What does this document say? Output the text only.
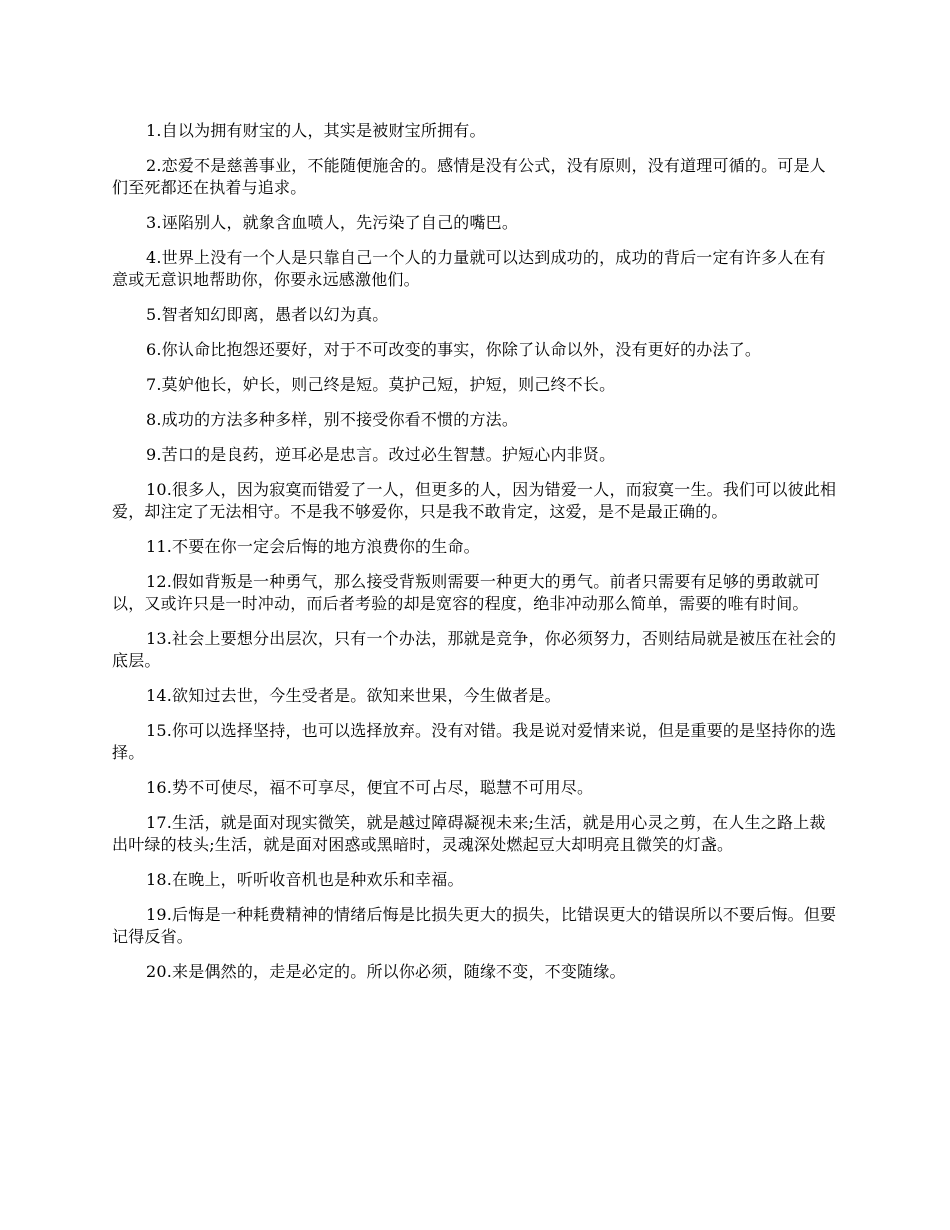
1.自以为拥有财宝的人，其实是被财宝所拥有。

2.恋爱不是慈善事业，不能随便施舍的。感情是没有公式，没有原则，没有道理可循的。可是人们至死都还在执着与追求。

3.诬陷别人，就象含血喷人，先污染了自己的嘴巴。

4.世界上没有一个人是只靠自己一个人的力量就可以达到成功的，成功的背后一定有许多人在有意或无意识地帮助你，你要永远感激他们。

5.智者知幻即离，愚者以幻为真。

6.你认命比抱怨还要好，对于不可改变的事实，你除了认命以外，没有更好的办法了。

7.莫妒他长，妒长，则己终是短。莫护己短，护短，则己终不长。

8.成功的方法多种多样，别不接受你看不惯的方法。

9.苦口的是良药，逆耳必是忠言。改过必生智慧。护短心内非贤。

10.很多人，因为寂寞而错爱了一人，但更多的人，因为错爱一人，而寂寞一生。我们可以彼此相爱，却注定了无法相守。不是我不够爱你，只是我不敢肯定，这爱，是不是最正确的。

11.不要在你一定会后悔的地方浪费你的生命。

12.假如背叛是一种勇气，那么接受背叛则需要一种更大的勇气。前者只需要有足够的勇敢就可以，又或许只是一时冲动，而后者考验的却是宽容的程度，绝非冲动那么简单，需要的唯有时间。

13.社会上要想分出层次，只有一个办法，那就是竞争，你必须努力，否则结局就是被压在社会的底层。

14.欲知过去世，今生受者是。欲知来世果，今生做者是。

15.你可以选择坚持，也可以选择放弃。没有对错。我是说对爱情来说，但是重要的是坚持你的选择。

16.势不可使尽，福不可享尽，便宜不可占尽，聪慧不可用尽。

17.生活，就是面对现实微笑，就是越过障碍凝视未来;生活，就是用心灵之剪，在人生之路上裁出叶绿的枝头;生活，就是面对困惑或黑暗时，灵魂深处燃起豆大却明亮且微笑的灯盏。

18.在晚上，听听收音机也是种欢乐和幸福。

19.后悔是一种耗费精神的情绪后悔是比损失更大的损失，比错误更大的错误所以不要后悔。但要记得反省。

20.来是偶然的，走是必定的。所以你必须，随缘不变，不变随缘。
